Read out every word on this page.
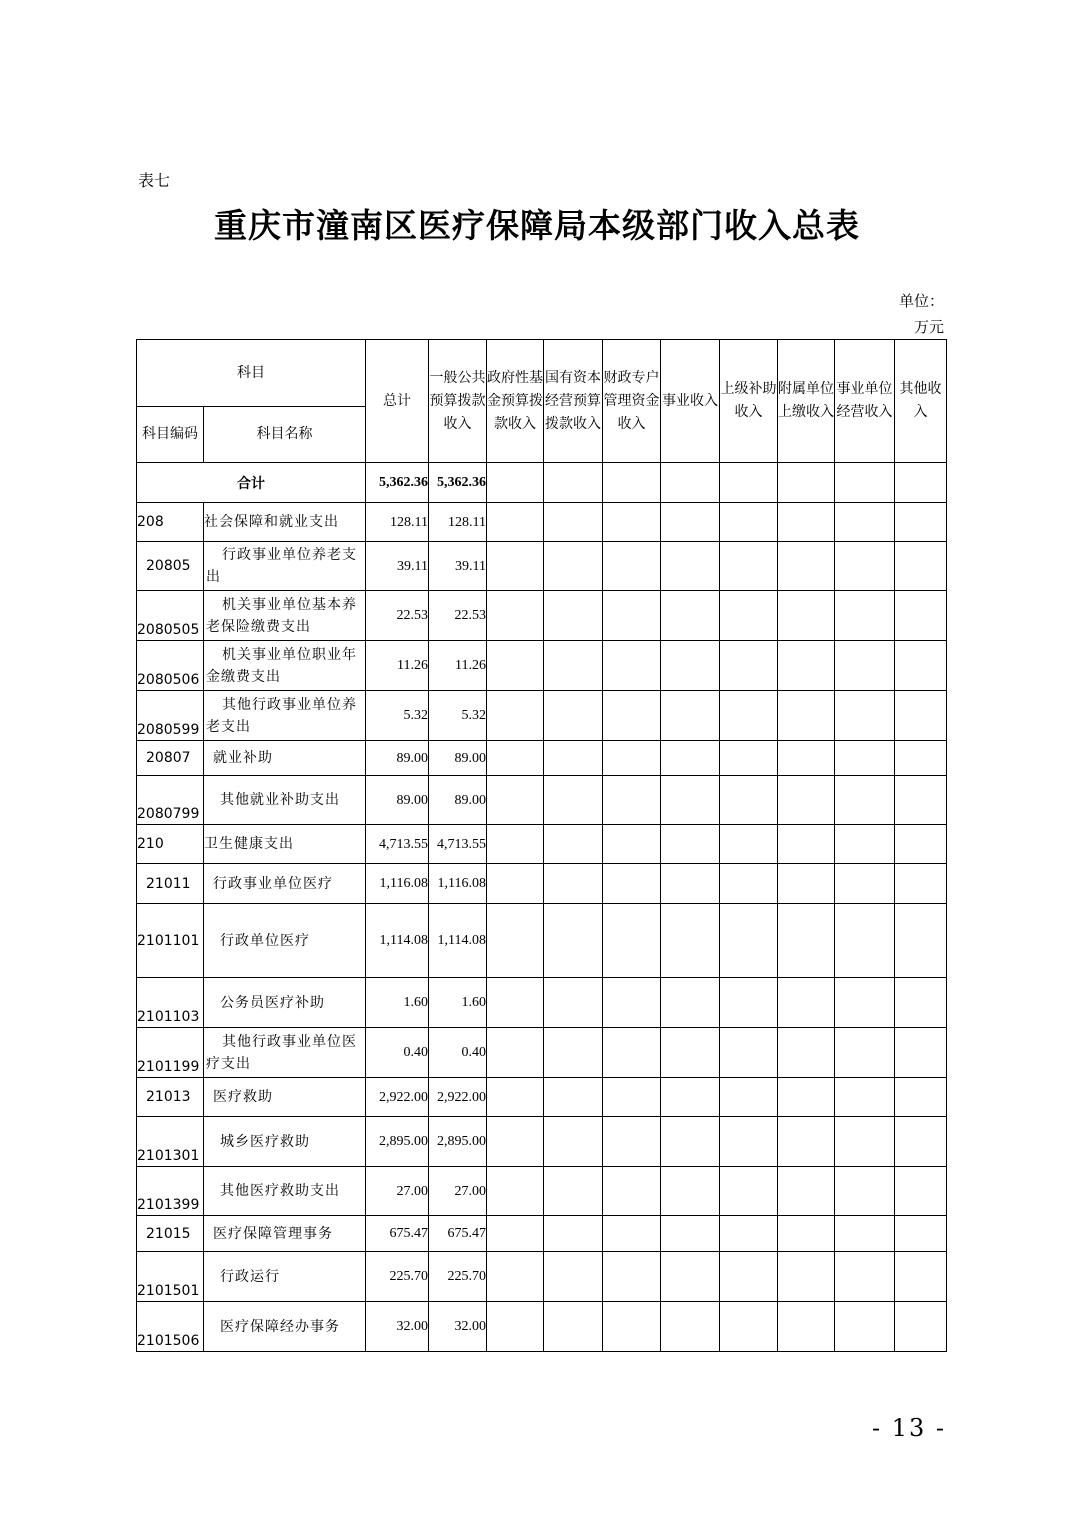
表七
重庆市潼南区医疗保障局本级部门收入总表
单位：
万元
科目		总计	一般公共预算拨款收入	政府性基金预算拨款收入	国有资本经营预算拨款收入	财政专户管理资金收入	事业收入	上级补助收入	附属单位上缴收入	事业单位经营收入	其他收入
科目编码	科目名称										
合计		5,362.36	5,362.36								
208	社会保障和就业支出	128.11	128.11								
20805	行政事业单位养老支出	39.11	39.11								
2080505	机关事业单位基本养老保险缴费支出	22.53	22.53								
2080506	机关事业单位职业年金缴费支出	11.26	11.26								
2080599	其他行政事业单位养老支出	5.32	5.32								
20807	就业补助	89.00	89.00								
2080799	其他就业补助支出	89.00	89.00								
210	卫生健康支出	4,713.55	4,713.55								
21011	行政事业单位医疗	1,116.08	1,116.08								
2101101	行政单位医疗	1,114.08	1,114.08								
2101103	公务员医疗补助	1.60	1.60								
2101199	其他行政事业单位医疗支出	0.40	0.40								
21013	医疗救助	2,922.00	2,922.00								
2101301	城乡医疗救助	2,895.00	2,895.00								
2101399	其他医疗救助支出	27.00	27.00								
21015	医疗保障管理事务	675.47	675.47								
2101501	行政运行	225.70	225.70								
2101506	医疗保障经办事务	32.00	32.00								
- 13 -
